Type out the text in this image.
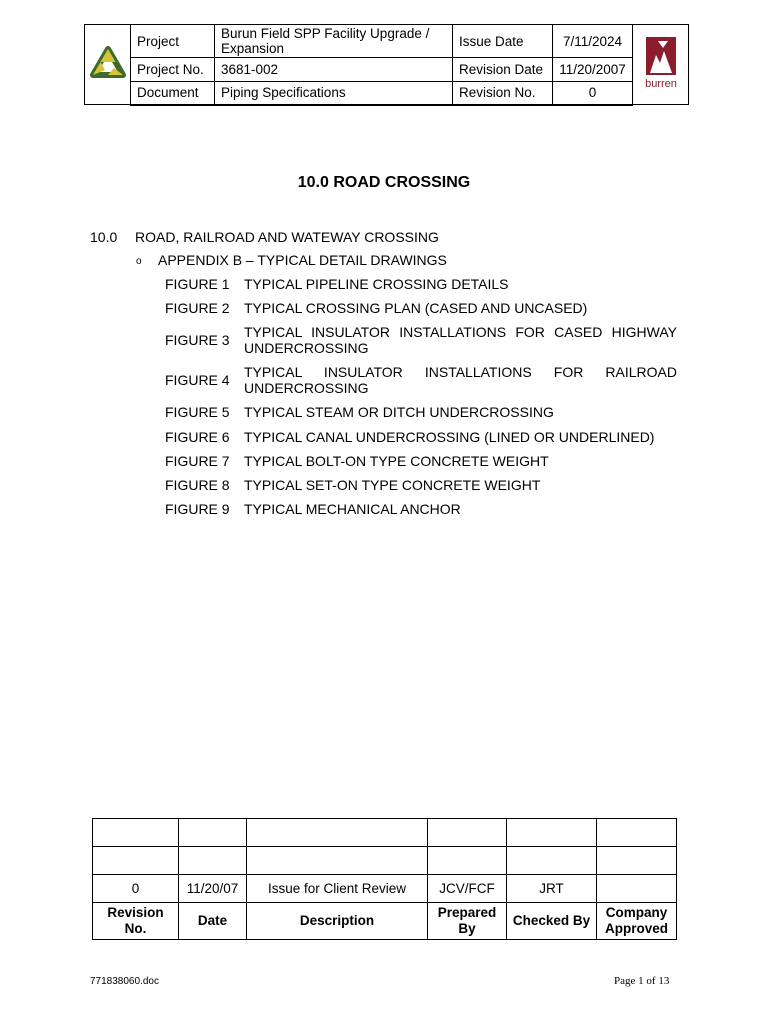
	Project	Burun Field SPP Facility Upgrade / Expansion	Issue Date	7/11/2024	burren

	Project No.	3681-002	Revision Date	11/20/2007	
	Document	Piping Specifications	Revision No.	0	
10.0 ROAD CROSSING
10.0 ROAD, RAILROAD AND WATEWAY CROSSING
o APPENDIX B – TYPICAL DETAIL DRAWINGS
FIGURE 1 TYPICAL PIPELINE CROSSING DETAILS
FIGURE 2 TYPICAL CROSSING PLAN (CASED AND UNCASED)
FIGURE 3 TYPICAL INSULATOR INSTALLATIONS FOR CASED HIGHWAY UNDERCROSSING
FIGURE 4 TYPICAL INSULATOR INSTALLATIONS FOR RAILROAD UNDERCROSSING
FIGURE 5 TYPICAL STEAM OR DITCH UNDERCROSSING
FIGURE 6 TYPICAL CANAL UNDERCROSSING (LINED OR UNDERLINED)
FIGURE 7 TYPICAL BOLT-ON TYPE CONCRETE WEIGHT
FIGURE 8 TYPICAL SET-ON TYPE CONCRETE WEIGHT
FIGURE 9 TYPICAL MECHANICAL ANCHOR

0	11/20/07	Issue for Client Review	JCV/FCF	JRT	
Revision No.	Date	Description	Prepared By	Checked By	Company Approved
771838060.doc	Page 1 of 13
